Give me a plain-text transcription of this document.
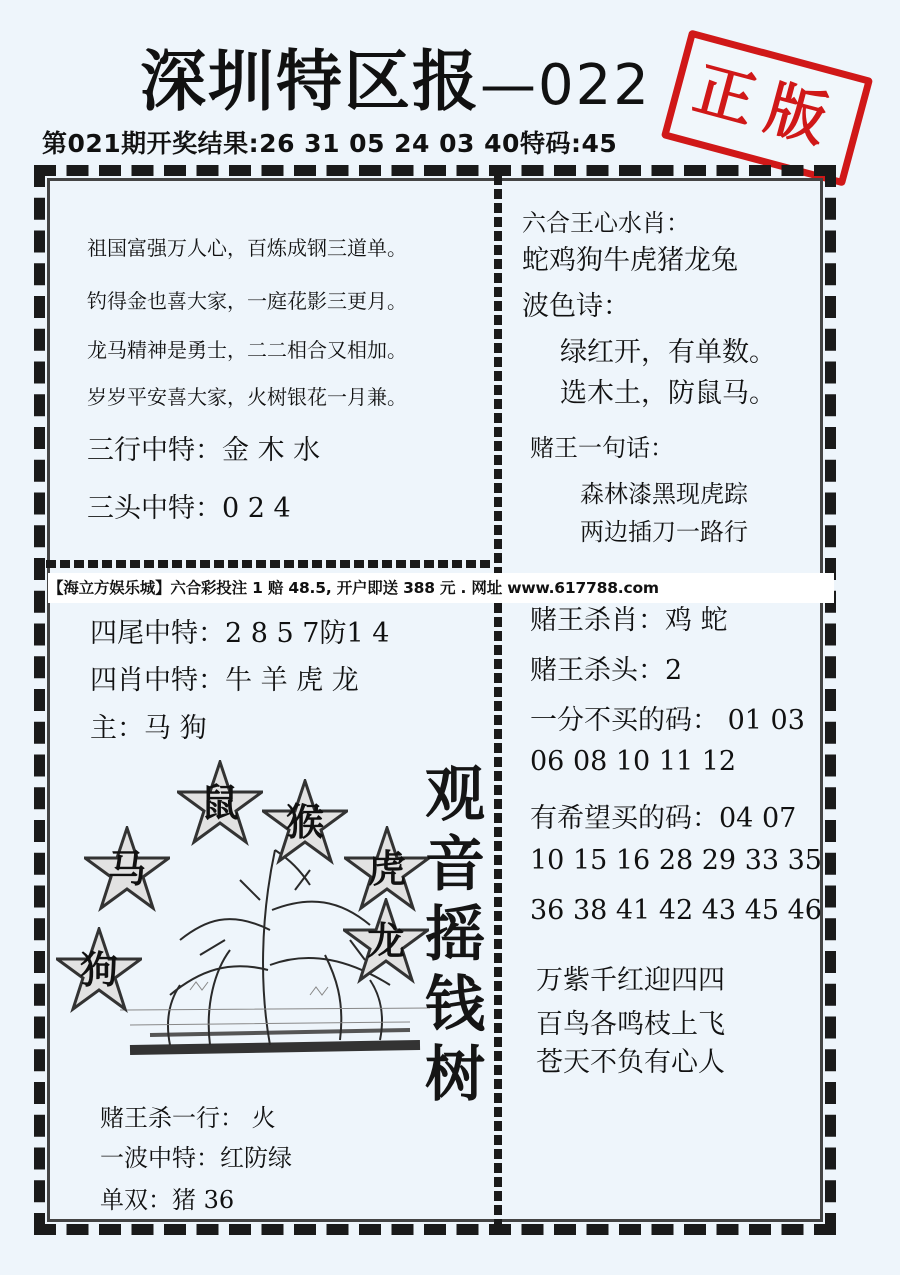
深圳特区报—022 正版
第021期开奖结果:26 31 05 24 03 40特码:45
祖国富强万人心，百炼成钢三道单。
钓得金也喜大家，一庭花影三更月。
龙马精神是勇士，二二相合又相加。
岁岁平安喜大家，火树银花一月兼。
三行中特：金 木 水
三头中特：0 2 4
六合王心水肖：
蛇鸡狗牛虎猪龙兔
波色诗：
绿红开，有单数。
选木土，防鼠马。
赌王一句话：
森林漆黑现虎踪
两边插刀一路行
【海立方娱乐城】六合彩投注 1 赔 48.5, 开户即送 388 元 . 网址 www.617788.com
四尾中特：2 8 5 7防1 4
四肖中特：牛 羊 虎 龙
主：马 狗
鼠	猴
马	虎
龙
狗
观
音
摇
钱
树
赌王杀一行： 火
一波中特：红防绿
单双：猪 36
赌王杀肖：鸡 蛇
赌王杀头：2
一分不买的码： 01 03
06 08 10 11 12
有希望买的码：04 07
10 15 16 28 29 33 35
36 38 41 42 43 45 46
万紫千红迎四四
百鸟各鸣枝上飞
苍天不负有心人
